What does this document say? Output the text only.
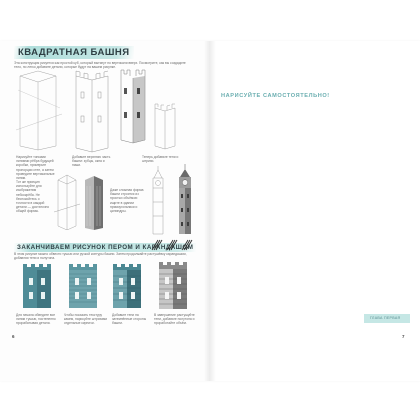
КВАДРАТНАЯ БАШНЯ
Эта конструкция рисуется как простой куб, который вытянут по вертикали вверх. Посмотрите, как вы создадите тело, но легко добавите детали, которые будут на вашем рисунке.
Нарисуйте тонкими линиями рёбра будущей коробки, примерьте пропорции стен, а затем проведите вертикальные линии.
Добавьте верхнюю часть башни: зубцы, окна и ниши.
Теперь добавьте тени и штрихи.
Тот же принцип используйте для изображения небоскрёба. Не беспокойтесь о точности в каждой детали — достаточно общей формы.
Даже сложная форма башни строится из простых объёмов: ищите в здании прямоугольники и цилиндры.
ЗАКАНЧИВАЕМ РИСУНОК ПЕРОМ И КАРАНДАШОМ
В этом рисунке можно обвести тушью или ручкой контуры башни. Затем продолжайте растушёвку карандашом, добавляя тени и полутона.
Для начала обведите все линии тушью, постепенно прорабатывая детали.
Чтобы показать текстуру камня, нарисуйте штрихами отдельные кирпичи.
Добавьте тени на затемнённые стороны башни.
В завершение растушуйте тени, добавьте полутона и проработайте объём.
6
НАРИСУЙТЕ САМОСТОЯТЕЛЬНО!
ГЛАВА ПЕРВАЯ
7
